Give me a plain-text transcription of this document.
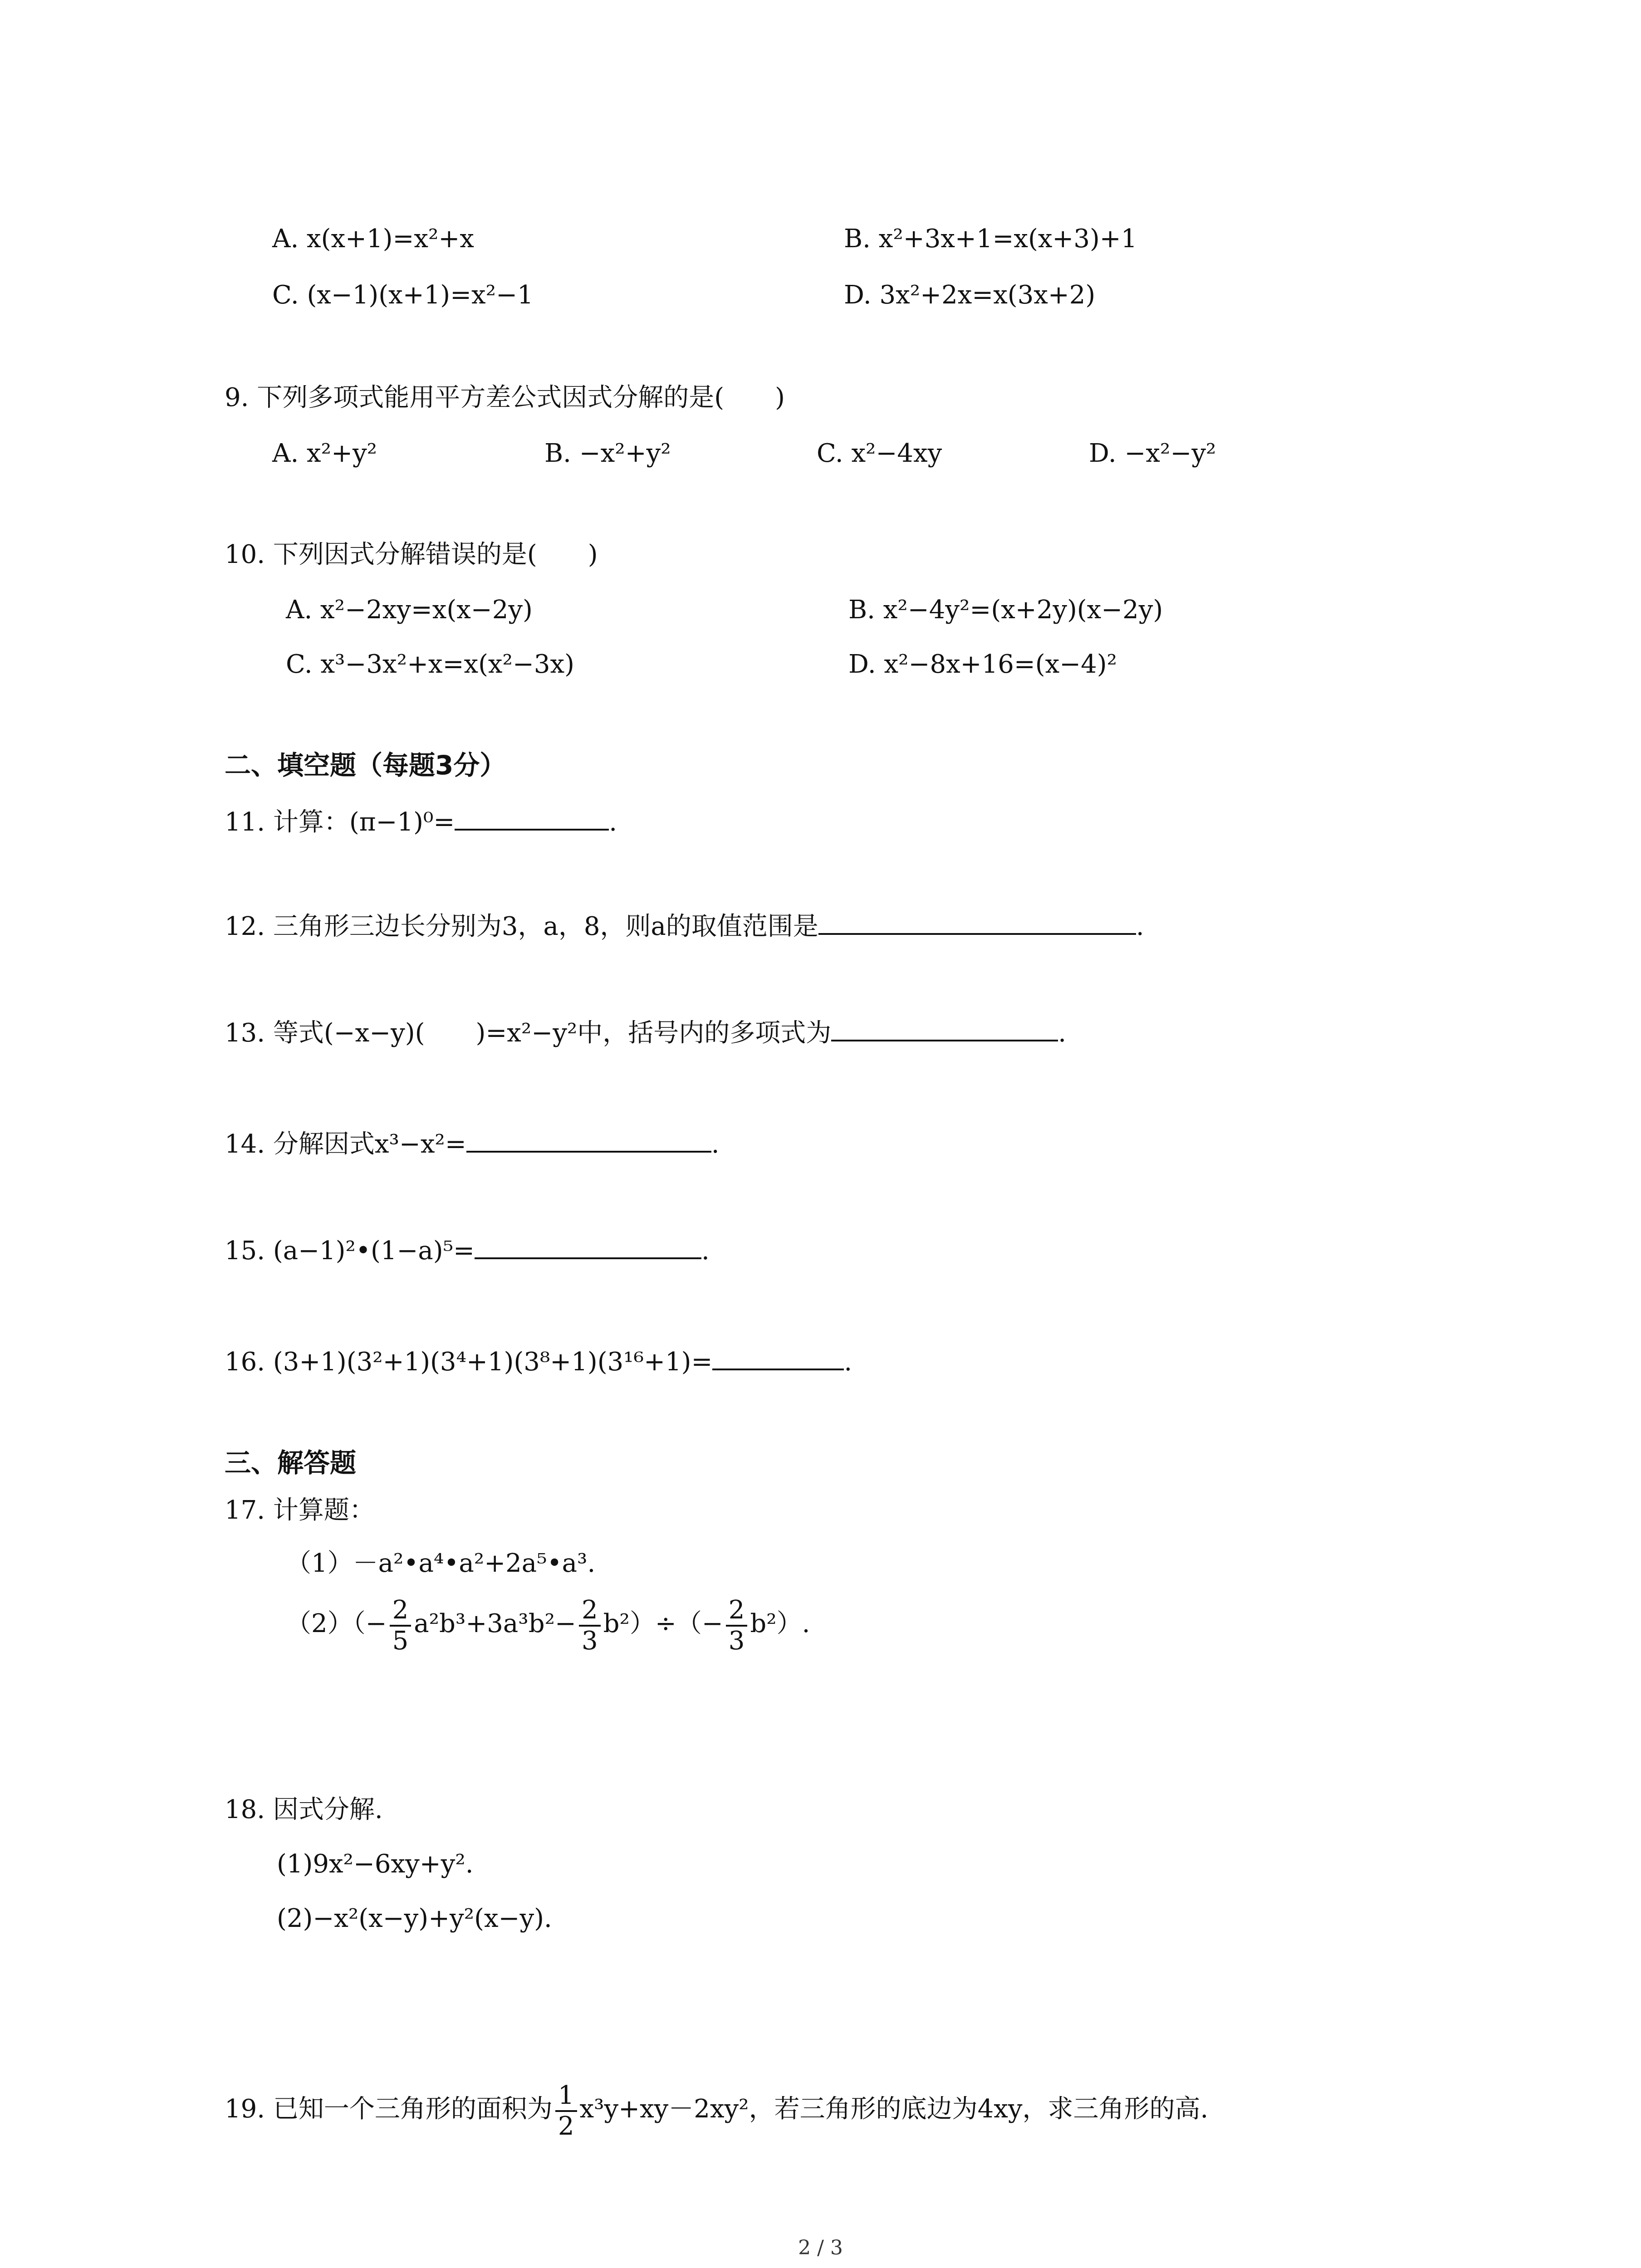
A. x(x+1)=x²+x	B. x²+3x+1=x(x+3)+1
C. (x−1)(x+1)=x²−1	D. 3x²+2x=x(3x+2)
9. 下列多项式能用平方差公式因式分解的是(　　)
A. x²+y²	B. −x²+y²	C. x²−4xy	D. −x²−y²
10. 下列因式分解错误的是(　　)
A. x²−2xy=x(x−2y)	B. x²−4y²=(x+2y)(x−2y)
C. x³−3x²+x=x(x²−3x)	D. x²−8x+16=(x−4)²
二、填空题（每题3分）
11. 计算：(π−1)⁰=	.
12. 三角形三边长分别为3，a，8，则a的取值范围是	.
13. 等式(−x−y)(　　)=x²−y²中，括号内的多项式为	.
14. 分解因式x³−x²=	.
15. (a−1)²•(1−a)⁵=	.
16. (3+1)(3²+1)(3⁴+1)(3⁸+1)(3¹⁶+1)=	.
三、解答题
17. 计算题：
（1）－a²•a⁴•a²+2a⁵•a³.
$(2)(- \frac{2}{5} a^2b^3+3a^3b^2- \frac{2}{3} b^2)\div(- \frac{2}{3} b^2)$.
18. 因式分解.
(1)9x²−6xy+y².
(2)−x²(x−y)+y²(x−y).
19. 已知一个三角形的面积为 $\frac{1}{2} x^3y+xy-2xy^2$，若三角形的底边为4xy，求三角形的高.
2 / 3
